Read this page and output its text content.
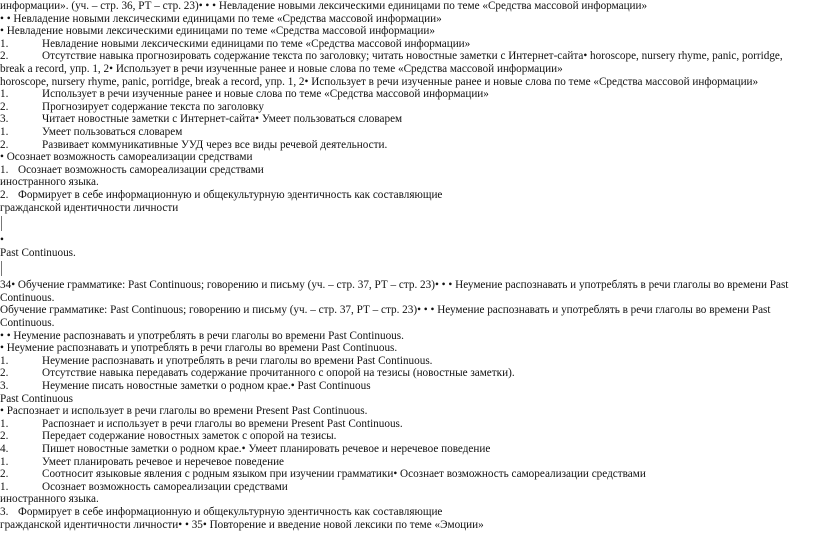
информации». (уч. – стр. 36, РТ – стр. 23)• • • Невладение новыми лексическими единицами по теме «Средства массовой информации»
• • Невладение новыми лексическими единицами по теме «Средства массовой информации»
• Невладение новыми лексическими единицами по теме «Средства массовой информации»
1.	Невладение новыми лексическими единицами по теме «Средства массовой информации»
2.	Отсутствие навыка прогнозировать содержание текста по заголовку; читать новостные заметки с Интернет-сайта• horoscope, nursery rhyme, panic, porridge, break a record, упр. 1, 2• Использует в речи изученные ранее и новые слова по теме «Средства массовой информации»
horoscope, nursery rhyme, panic, porridge, break a record, упр. 1, 2• Использует в речи изученные ранее и новые слова по теме «Средства массовой информации»
1.	Использует в речи изученные ранее и новые слова по теме «Средства массовой информации»
2.	Прогнозирует содержание текста по заголовку
3.	Читает новостные заметки с Интернет-сайта• Умеет пользоваться словарем
1.	Умеет пользоваться словарем
2.	Развивает коммуникативные УУД через все виды речевой деятельности.
• Осознает возможность самореализации средствами
1. Осознает возможность самореализации средствами
иностранного языка.
2. Формирует в себе информационную и общекультурную эдентичность как составляющие
гражданской идентичности личности
•
Past Continuous.
34• Обучение грамматике: Past Continuous; говорению и письму (уч. – стр. 37, РТ – стр. 23)• • • Неумение распознавать и употреблять в речи глаголы во времени Past Continuous.
Обучение грамматике: Past Continuous; говорению и письму (уч. – стр. 37, РТ – стр. 23)• • • Неумение распознавать и употреблять в речи глаголы во времени Past Continuous.
• • Неумение распознавать и употреблять в речи глаголы во времени Past Continuous.
• Неумение распознавать и употреблять в речи глаголы во времени Past Continuous.
1.	Неумение распознавать и употреблять в речи глаголы во времени Past Continuous.
2.	Отсутствие навыка передавать содержание прочитанного с опорой на тезисы (новостные заметки).
3.	Неумение писать новостные заметки о родном крае.• Past Continuous
Past Continuous
• Распознает и использует в речи глаголы во времени Present Past Continuous.
1.	Распознает и использует в речи глаголы во времени Present Past Continuous.
2.	Передает содержание новостных заметок с опорой на тезисы.
4.	Пишет новостные заметки о родном крае.• Умеет планировать речевое и неречевое поведение
1.	Умеет планировать речевое и неречевое поведение
2.	Соотносит языковые явления с родным языком при изучении грамматики• Осознает возможность самореализации средствами
1.	Осознает возможность самореализации средствами
иностранного языка.
3. Формирует в себе информационную и общекультурную эдентичность как составляющие
гражданской идентичности личности• • 35• Повторение и введение новой лексики по теме «Эмоции»
